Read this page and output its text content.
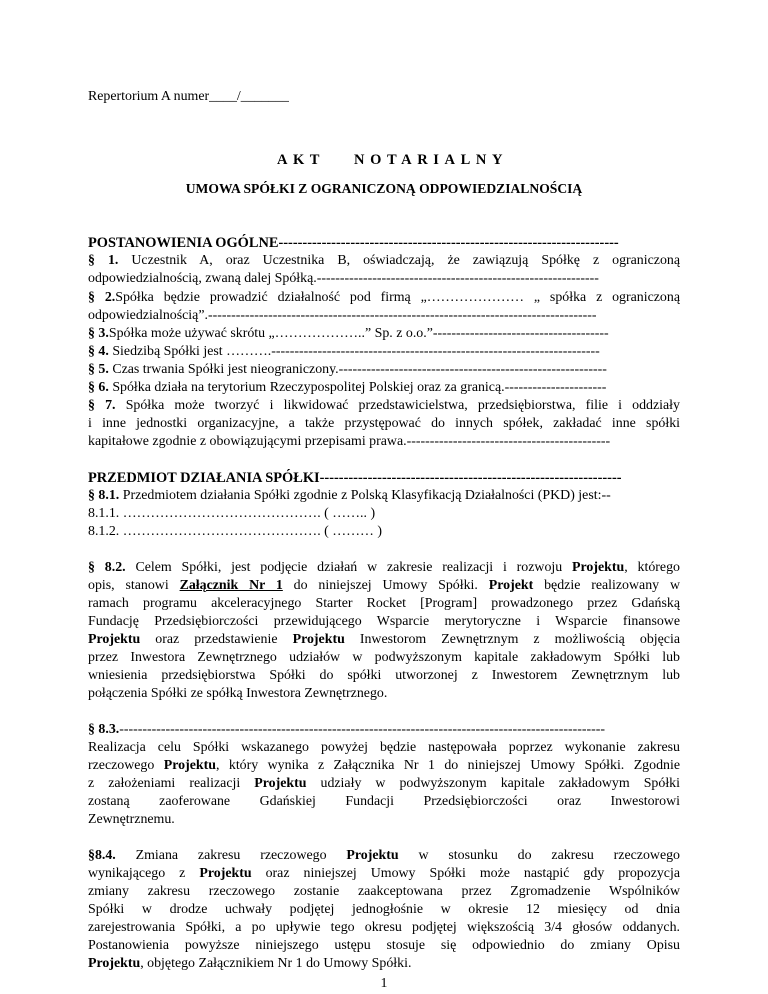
Repertorium A numer____/_______
AKT NOTARIALNY
UMOWA SPÓŁKI Z OGRANICZONĄ ODPOWIEDZIALNOŚCIĄ
POSTANOWIENIA OGÓLNE-----------------------------------------------------------------------
§ 1. Uczestnik A, oraz Uczestnika B, oświadczają, że zawiązują Spółkę z ograniczoną
odpowiedzialnością, zwaną dalej Spółką.-------------------------------------------------------------
§ 2.Spółka będzie prowadzić działalność pod firmą „………………… „ spółka z ograniczoną
odpowiedzialnością”.------------------------------------------------------------------------------------
§ 3.Spółka może używać skrótu „………………..” Sp. z o.o.”--------------------------------------
§ 4. Siedzibą Spółki jest ……….-----------------------------------------------------------------------
§ 5. Czas trwania Spółki jest nieograniczony.----------------------------------------------------------
§ 6. Spółka działa na terytorium Rzeczypospolitej Polskiej oraz za granicą.----------------------
§ 7. Spółka może tworzyć i likwidować przedstawicielstwa, przedsiębiorstwa, filie i oddziały
i inne jednostki organizacyjne, a także przystępować do innych spółek, zakładać inne spółki
kapitałowe zgodnie z obowiązującymi przepisami prawa.--------------------------------------------
PRZEDMIOT DZIAŁANIA SPÓŁKI---------------------------------------------------------------
§ 8.1. Przedmiotem działania Spółki zgodnie z Polską Klasyfikacją Działalności (PKD) jest:--
8.1.1. ……………………………………. ( …….. )
8.1.2. ……………………………………. ( ……… )
§ 8.2. Celem Spółki, jest podjęcie działań w zakresie realizacji i rozwoju Projektu, którego
opis, stanowi Załącznik Nr 1 do niniejszej Umowy Spółki. Projekt będzie realizowany w
ramach programu akceleracyjnego Starter Rocket [Program] prowadzonego przez Gdańską
Fundację Przedsiębiorczości przewidującego Wsparcie merytoryczne i Wsparcie finansowe
Projektu oraz przedstawienie Projektu Inwestorom Zewnętrznym z możliwością objęcia
przez Inwestora Zewnętrznego udziałów w podwyższonym kapitale zakładowym Spółki lub
wniesienia przedsiębiorstwa Spółki do spółki utworzonej z Inwestorem Zewnętrznym lub
połączenia Spółki ze spółką Inwestora Zewnętrznego.
§ 8.3.---------------------------------------------------------------------------------------------------------
Realizacja celu Spółki wskazanego powyżej będzie następowała poprzez wykonanie zakresu
rzeczowego Projektu, który wynika z Załącznika Nr 1 do niniejszej Umowy Spółki. Zgodnie
z założeniami realizacji Projektu udziały w podwyższonym kapitale zakładowym Spółki
zostaną zaoferowane Gdańskiej Fundacji Przedsiębiorczości oraz Inwestorowi
Zewnętrznemu.
§8.4. Zmiana zakresu rzeczowego Projektu w stosunku do zakresu rzeczowego
wynikającego z Projektu oraz niniejszej Umowy Spółki może nastąpić gdy propozycja
zmiany zakresu rzeczowego zostanie zaakceptowana przez Zgromadzenie Wspólników
Spółki w drodze uchwały podjętej jednogłośnie w okresie 12 miesięcy od dnia
zarejestrowania Spółki, a po upływie tego okresu podjętej większością 3/4 głosów oddanych.
Postanowienia powyższe niniejszego ustępu stosuje się odpowiednio do zmiany Opisu
Projektu, objętego Załącznikiem Nr 1 do Umowy Spółki.
1
